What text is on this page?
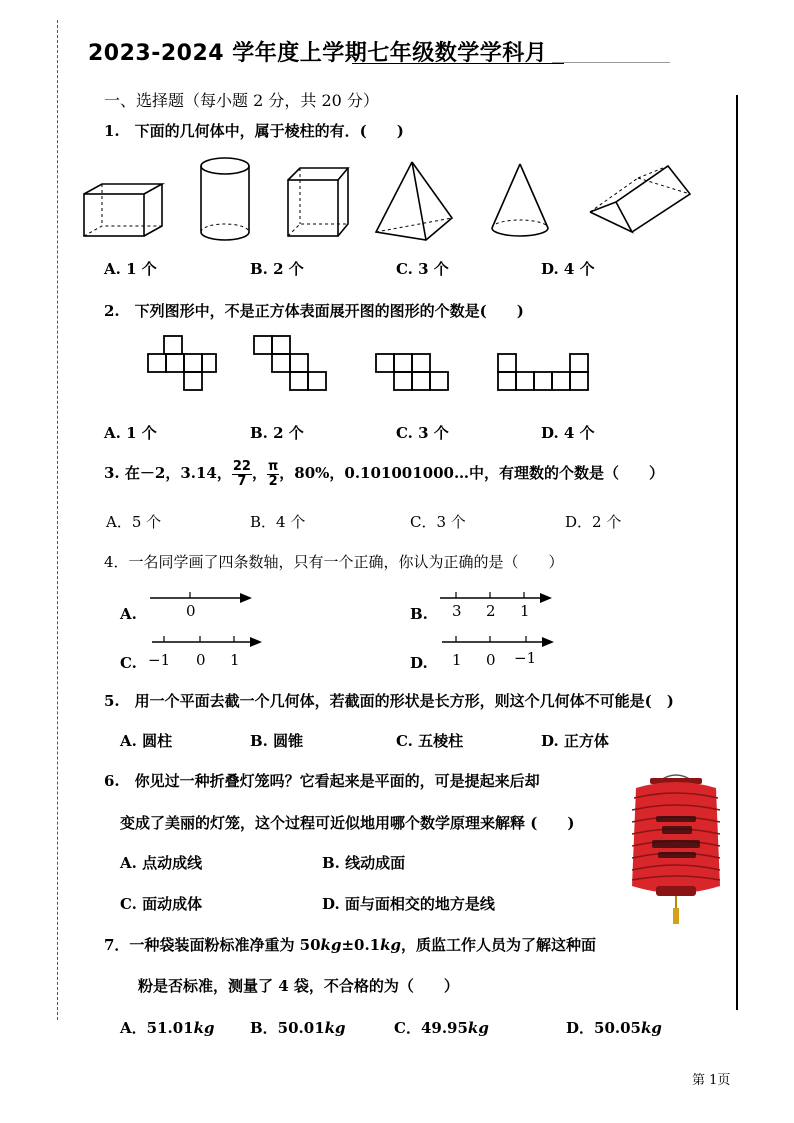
2023-2024 学年度上学期七年级数学学科月
一、选择题（每小题 2 分，共 20 分）
1.　下面的几何体中，属于棱柱的有．(　　)
A. 1 个	B. 2 个	C. 3 个	D. 4 个
2.　下列图形中，不是正方体表面展开图的图形的个数是(　　)
A. 1 个	B. 2 个	C. 3 个	D. 4 个
3. 在－2，3.14， $\frac{22}{7}$ ， $\frac{\pi}{2}$ ，80%，0.101001000…中，有理数的个数是（　　）
A．5 个	B．4 个	C．3 个	D．2 个
4．一名同学画了四条数轴，只有一个正确，你认为正确的是（　　）
A.	0	B. 3 2 1
C. −1 0 1	D. 1 0 −1
5.　用一个平面去截一个几何体，若截面的形状是长方形，则这个几何体不可能是(　)
A. 圆柱	B. 圆锥	C. 五棱柱	D. 正方体
6.　你见过一种折叠灯笼吗？它看起来是平面的，可是提起来后却
变成了美丽的灯笼，这个过程可近似地用哪个数学原理来解释 (　　)
A. 点动成线	B. 线动成面
C. 面动成体	D. 面与面相交的地方是线
7．一种袋装面粉标准净重为 50kg±0.1kg，质监工作人员为了解这种面
粉是否标准，测量了 4 袋，不合格的为（　　）
A．51.01kg B．50.01kg	C．49.95kg	D．50.05kg
第 1页
